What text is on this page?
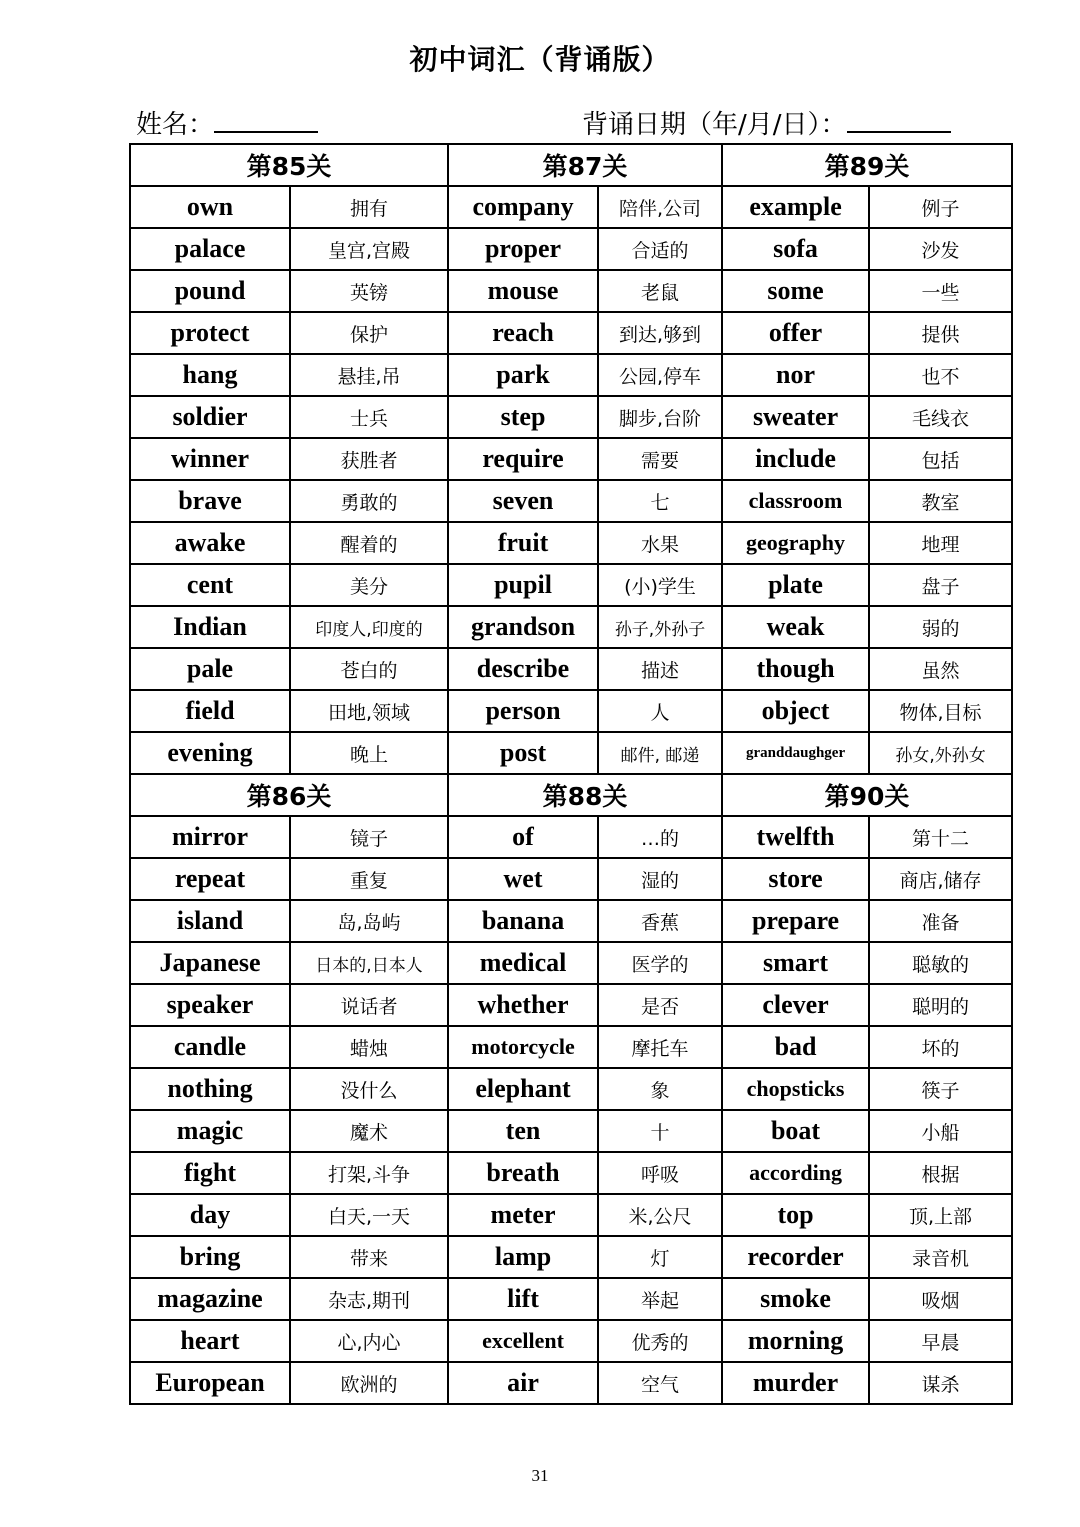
初中词汇（背诵版）
姓名：	背诵日期（年/月/日）：
第85关		第87关		第89关	
own	拥有	company	陪伴,公司	example	例子
palace	皇宫,宫殿	proper	合适的	sofa	沙发
pound	英镑	mouse	老鼠	some	一些
protect	保护	reach	到达,够到	offer	提供
hang	悬挂,吊	park	公园,停车	nor	也不
soldier	士兵	step	脚步,台阶	sweater	毛线衣
winner	获胜者	require	需要	include	包括
brave	勇敢的	seven	七	classroom	教室
awake	醒着的	fruit	水果	geography	地理
cent	美分	pupil	(小)学生	plate	盘子
Indian	印度人,印度的	grandson	孙子,外孙子	weak	弱的
pale	苍白的	describe	描述	though	虽然
field	田地,领域	person	人	object	物体,目标
evening	晚上	post	邮件, 邮递	granddaughger	孙女,外孙女
第86关		第88关		第90关	
mirror	镜子	of	…的	twelfth	第十二
repeat	重复	wet	湿的	store	商店,储存
island	岛,岛屿	banana	香蕉	prepare	准备
Japanese	日本的,日本人	medical	医学的	smart	聪敏的
speaker	说话者	whether	是否	clever	聪明的
candle	蜡烛	motorcycle	摩托车	bad	坏的
nothing	没什么	elephant	象	chopsticks	筷子
magic	魔术	ten	十	boat	小船
fight	打架,斗争	breath	呼吸	according	根据
day	白天,一天	meter	米,公尺	top	顶,上部
bring	带来	lamp	灯	recorder	录音机
magazine	杂志,期刊	lift	举起	smoke	吸烟
heart	心,内心	excellent	优秀的	morning	早晨
European	欧洲的	air	空气	murder	谋杀
31
